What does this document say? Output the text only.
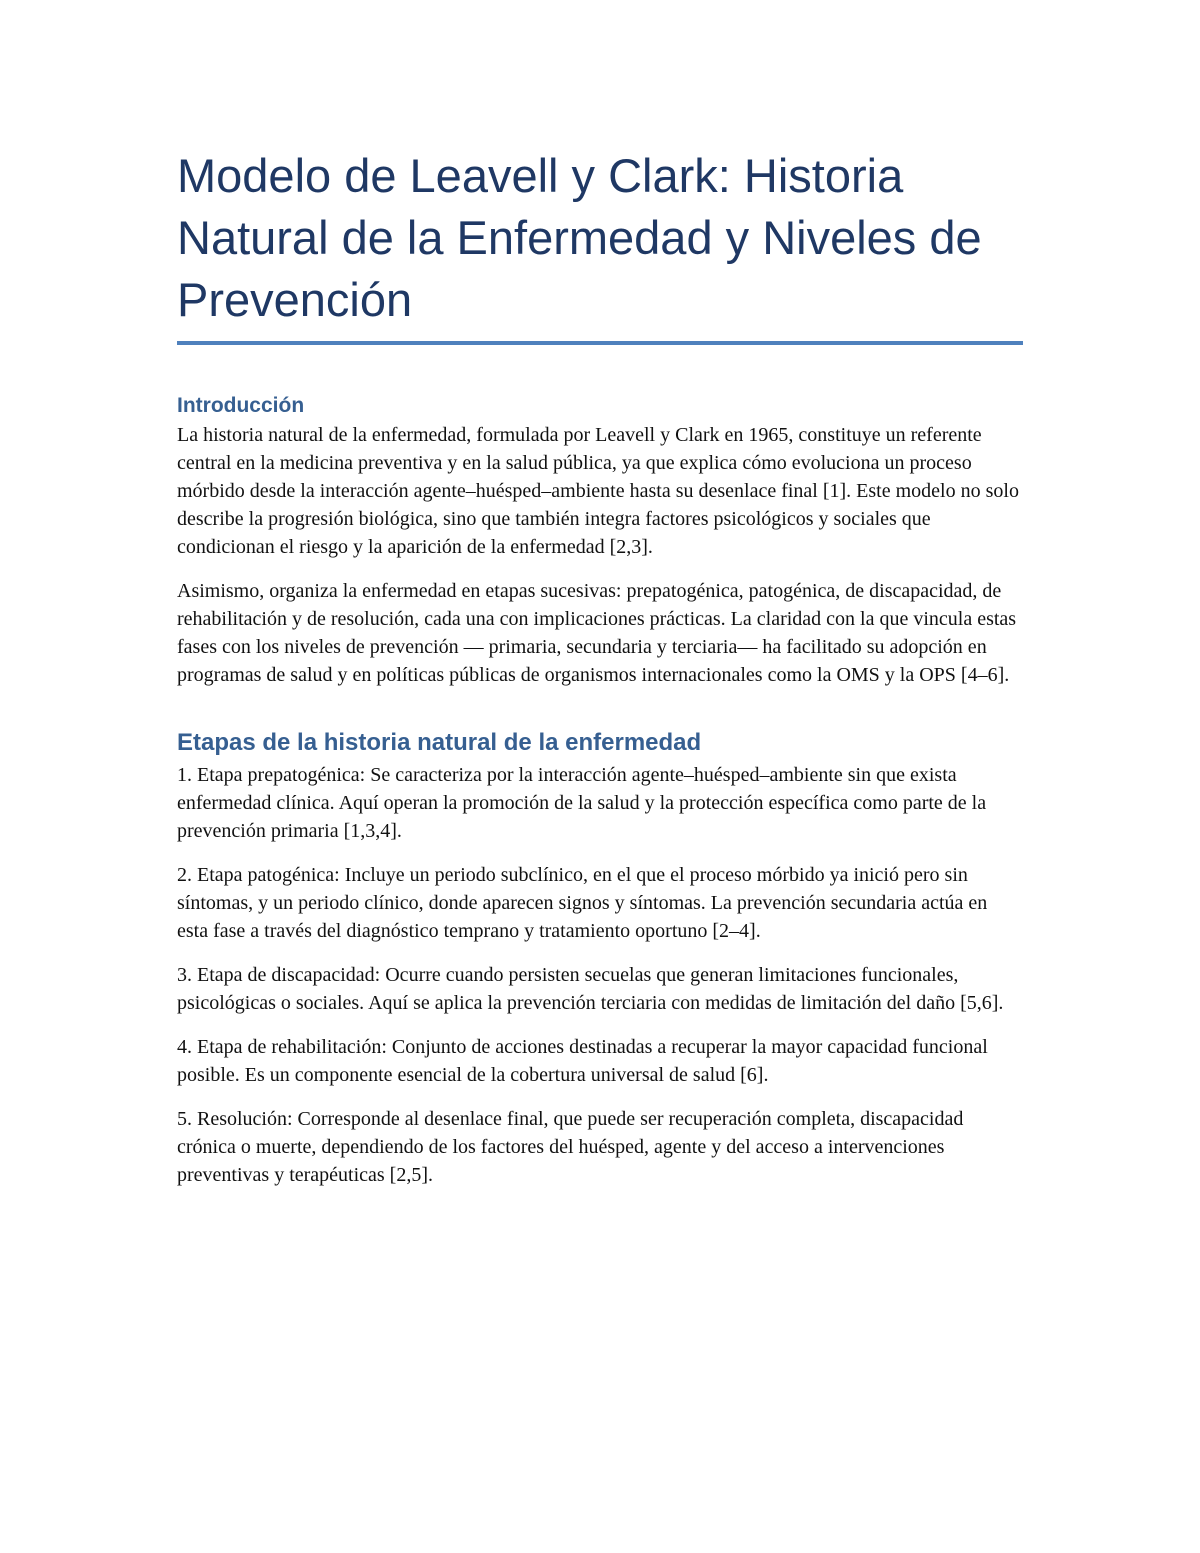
Modelo de Leavell y Clark: Historia Natural de la Enfermedad y Niveles de Prevención
Introducción

La historia natural de la enfermedad, formulada por Leavell y Clark en 1965, constituye un referente central en la medicina preventiva y en la salud pública, ya que explica cómo evoluciona un proceso mórbido desde la interacción agente–huésped–ambiente hasta su desenlace final [1]. Este modelo no solo describe la progresión biológica, sino que también integra factores psicológicos y sociales que condicionan el riesgo y la aparición de la enfermedad [2,3].

Asimismo, organiza la enfermedad en etapas sucesivas: prepatogénica, patogénica, de discapacidad, de rehabilitación y de resolución, cada una con implicaciones prácticas. La claridad con la que vincula estas fases con los niveles de prevención — primaria, secundaria y terciaria— ha facilitado su adopción en programas de salud y en políticas públicas de organismos internacionales como la OMS y la OPS [4–6].

Etapas de la historia natural de la enfermedad

1. Etapa prepatogénica: Se caracteriza por la interacción agente–huésped–ambiente sin que exista enfermedad clínica. Aquí operan la promoción de la salud y la protección específica como parte de la prevención primaria [1,3,4].

2. Etapa patogénica: Incluye un periodo subclínico, en el que el proceso mórbido ya inició pero sin síntomas, y un periodo clínico, donde aparecen signos y síntomas. La prevención secundaria actúa en esta fase a través del diagnóstico temprano y tratamiento oportuno [2–4].

3. Etapa de discapacidad: Ocurre cuando persisten secuelas que generan limitaciones funcionales, psicológicas o sociales. Aquí se aplica la prevención terciaria con medidas de limitación del daño [5,6].

4. Etapa de rehabilitación: Conjunto de acciones destinadas a recuperar la mayor capacidad funcional posible. Es un componente esencial de la cobertura universal de salud [6].

5. Resolución: Corresponde al desenlace final, que puede ser recuperación completa, discapacidad crónica o muerte, dependiendo de los factores del huésped, agente y del acceso a intervenciones preventivas y terapéuticas [2,5].
